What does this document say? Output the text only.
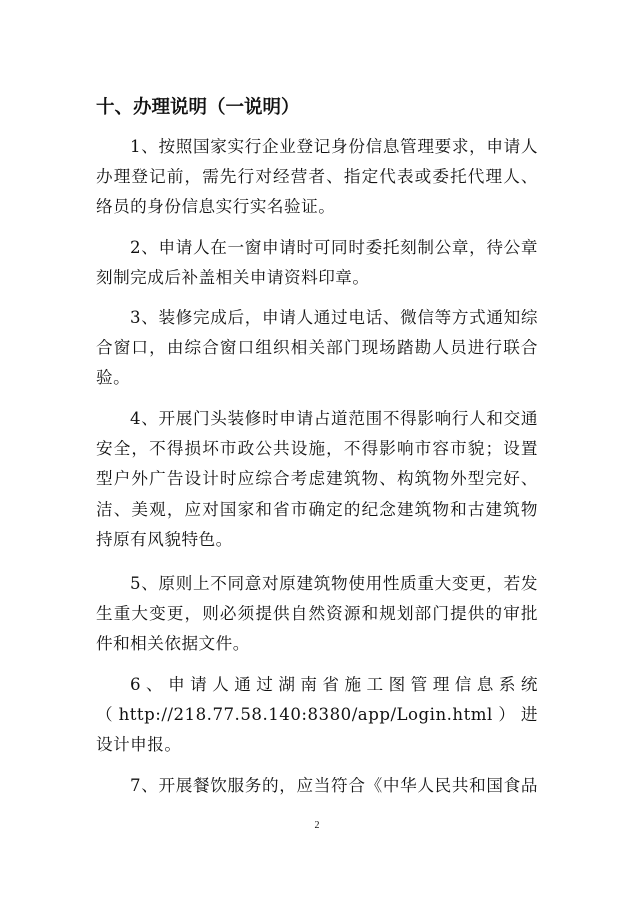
十、办理说明（一说明）
1、按照国家实行企业登记身份信息管理要求，申请人
办理登记前，需先行对经营者、指定代表或委托代理人、
络员的身份信息实行实名验证。
2、申请人在一窗申请时可同时委托刻制公章，待公章
刻制完成后补盖相关申请资料印章。
3、装修完成后，申请人通过电话、微信等方式通知综
合窗口，由综合窗口组织相关部门现场踏勘人员进行联合
验。
4、开展门头装修时申请占道范围不得影响行人和交通
安全，不得损坏市政公共设施，不得影响市容市貌；设置
型户外广告设计时应综合考虑建筑物、构筑物外型完好、
洁、美观，应对国家和省市确定的纪念建筑物和古建筑物
持原有风貌特色。
5、原则上不同意对原建筑物使用性质重大变更，若发
生重大变更，则必须提供自然资源和规划部门提供的审批
件和相关依据文件。
6、申请人通过湖南省施工图管理信息系统
（http://218.77.58.140:8380/app/Login.html）进
设计申报。
7、开展餐饮服务的，应当符合《中华人民共和国食品
2
